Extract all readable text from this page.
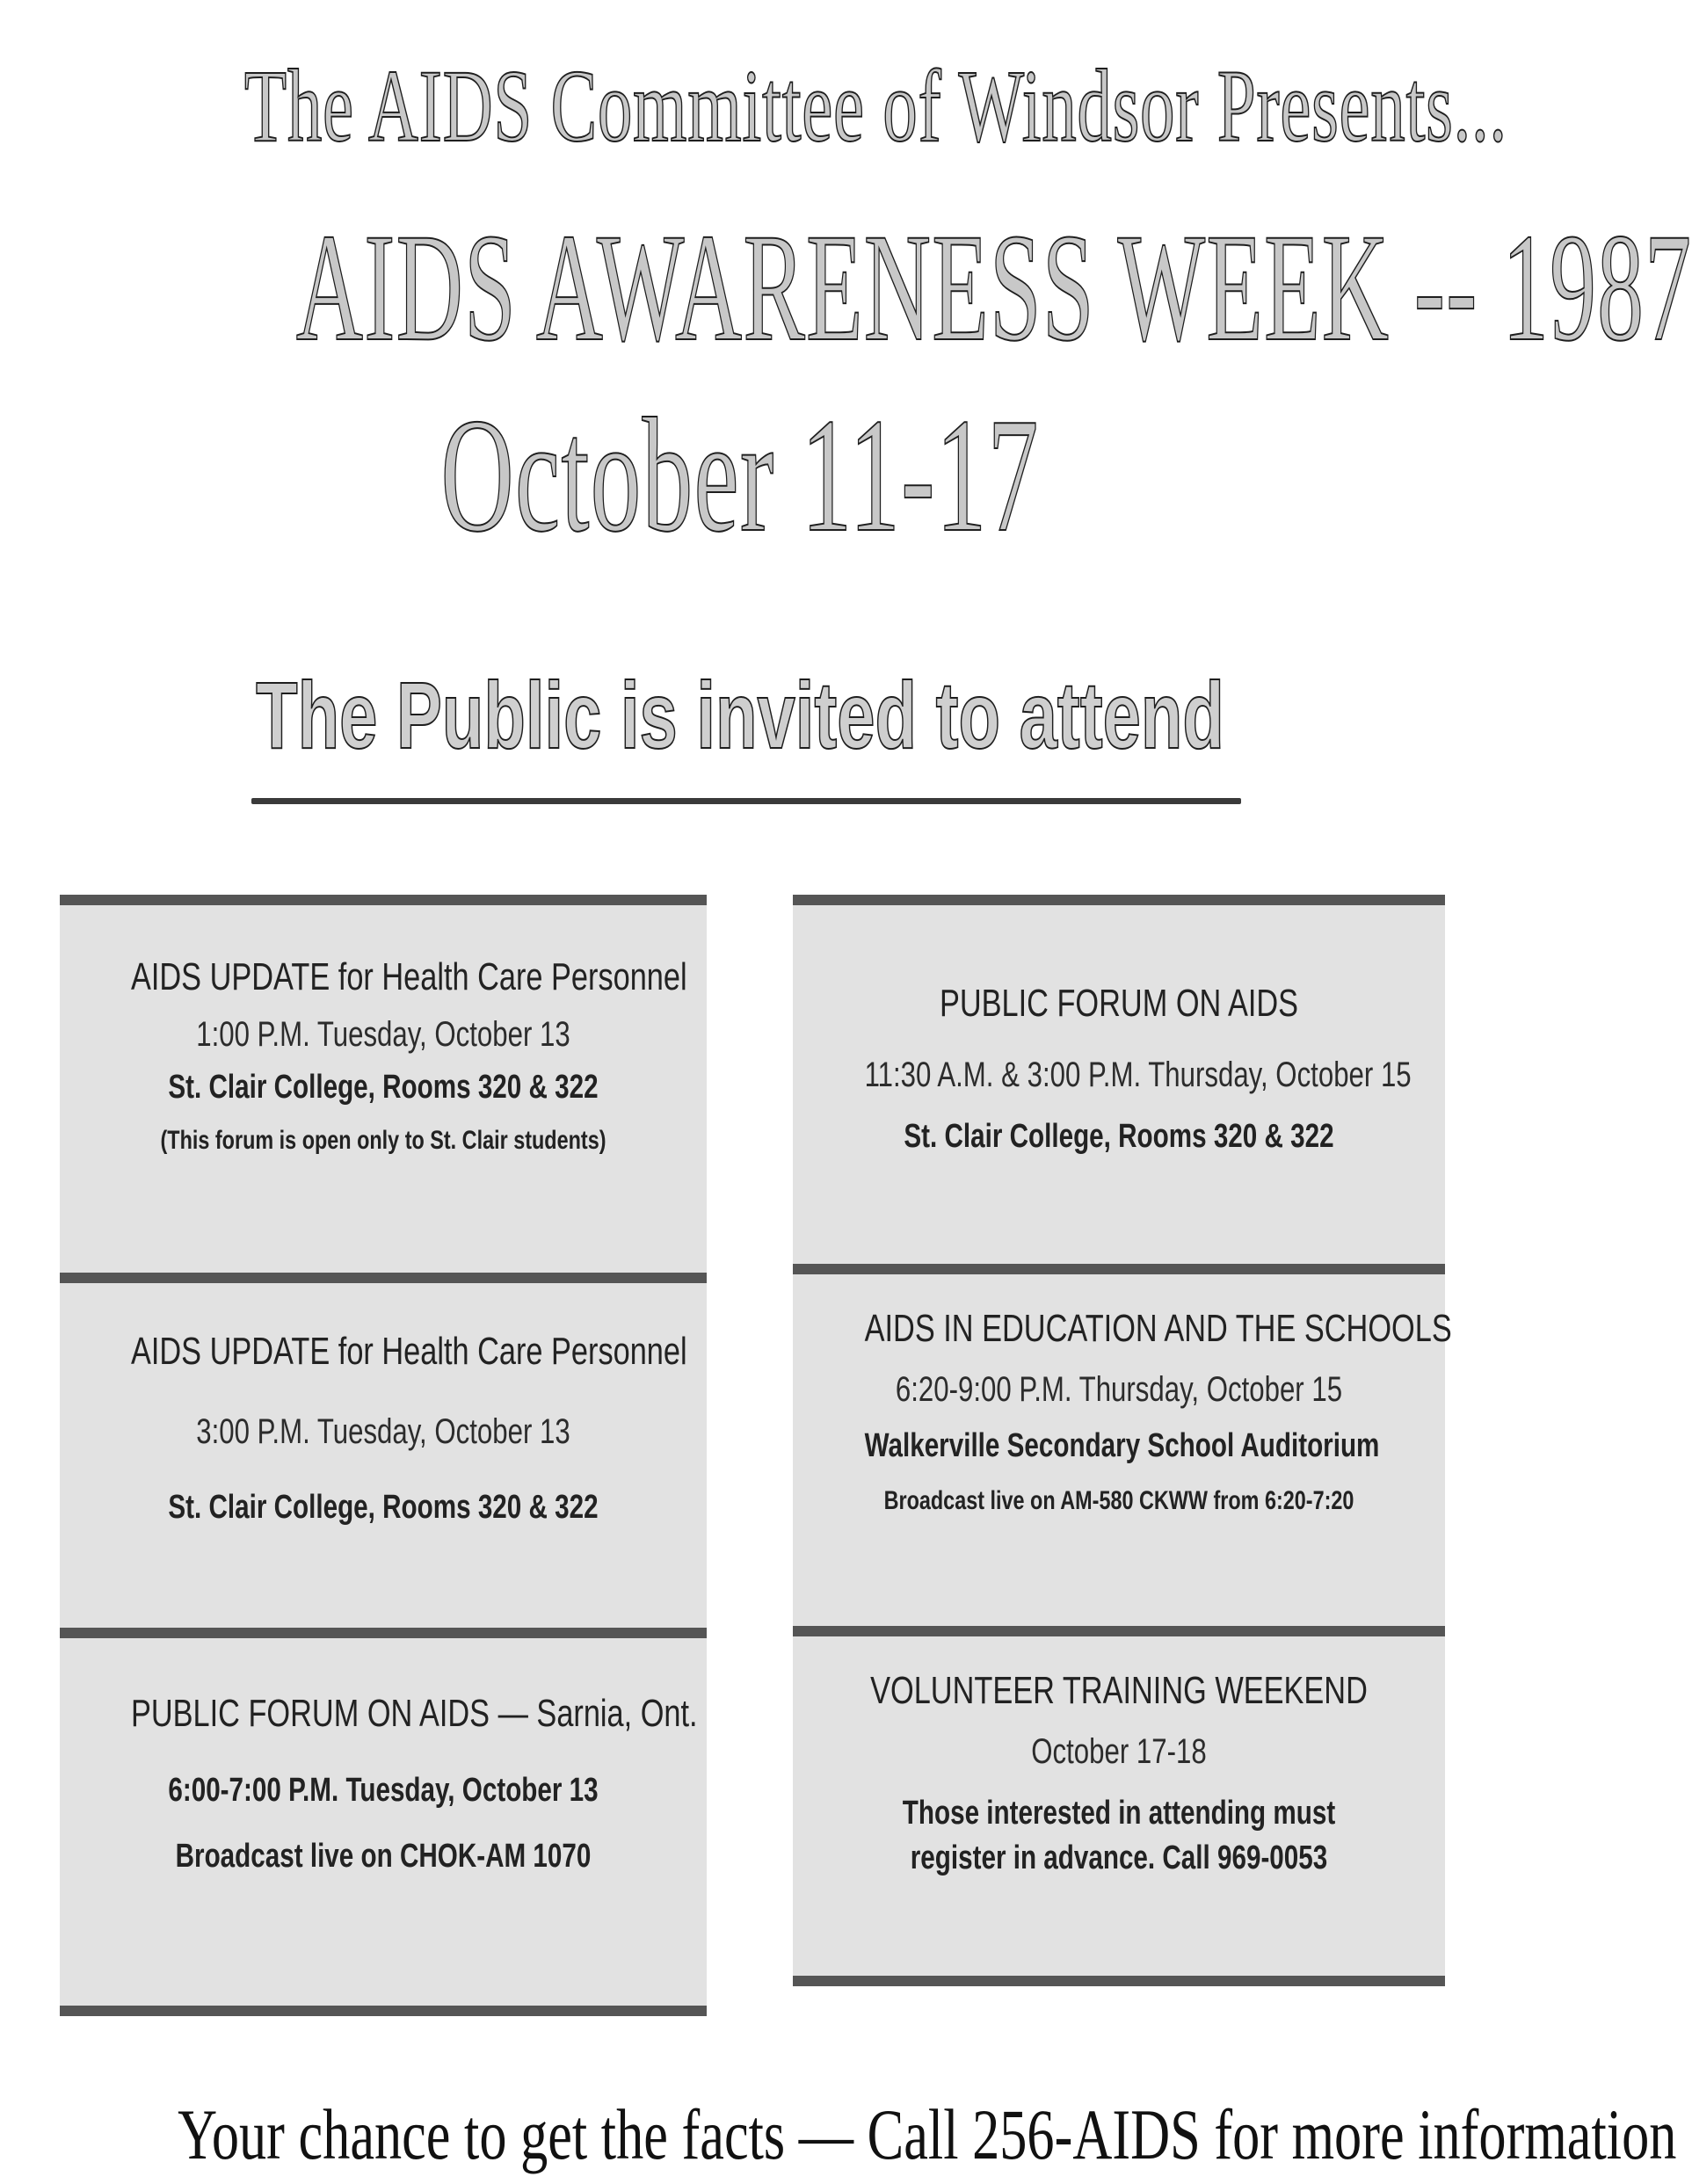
The AIDS Committee of Windsor Presents...
AIDS AWARENESS WEEK -- 1987
October 11-17
The Public is invited to attend
AIDS UPDATE for Health Care Personnel
1:00 P.M. Tuesday, October 13
St. Clair College, Rooms 320 & 322
(This forum is open only to St. Clair students)
AIDS UPDATE for Health Care Personnel
3:00 P.M. Tuesday, October 13
St. Clair College, Rooms 320 & 322
PUBLIC FORUM ON AIDS — Sarnia, Ont.
6:00-7:00 P.M. Tuesday, October 13
Broadcast live on CHOK-AM 1070
PUBLIC FORUM ON AIDS
11:30 A.M. & 3:00 P.M. Thursday, October 15
St. Clair College, Rooms 320 & 322
AIDS IN EDUCATION AND THE SCHOOLS
6:20-9:00 P.M. Thursday, October 15
Walkerville Secondary School Auditorium
Broadcast live on AM-580 CKWW from 6:20-7:20
VOLUNTEER TRAINING WEEKEND
October 17-18
Those interested in attending must
register in advance. Call 969-0053
Your chance to get the facts — Call 256-AIDS for more information
